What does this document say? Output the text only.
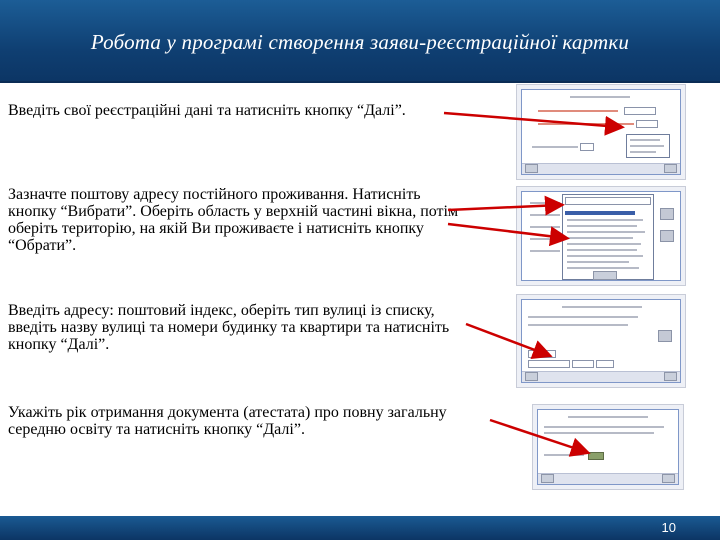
Робота у програмі створення заяви-реєстраційної картки
Введіть свої реєстраційні дані та натисніть кнопку “Далі”.
Зазначте поштову адресу постійного проживання. Натисніть кнопку “Вибрати”. Оберіть область у верхній частині вікна, потім оберіть територію, на якій Ви проживаєте і натисніть кнопку “Обрати”.
Введіть адресу: поштовий індекс, оберіть тип вулиці із списку, введіть назву вулиці та номери будинку та квартири та натисніть кнопку “Далі”.
Укажіть рік отримання документа (атестата) про повну загальну середню освіту та натисніть кнопку “Далі”.
10
